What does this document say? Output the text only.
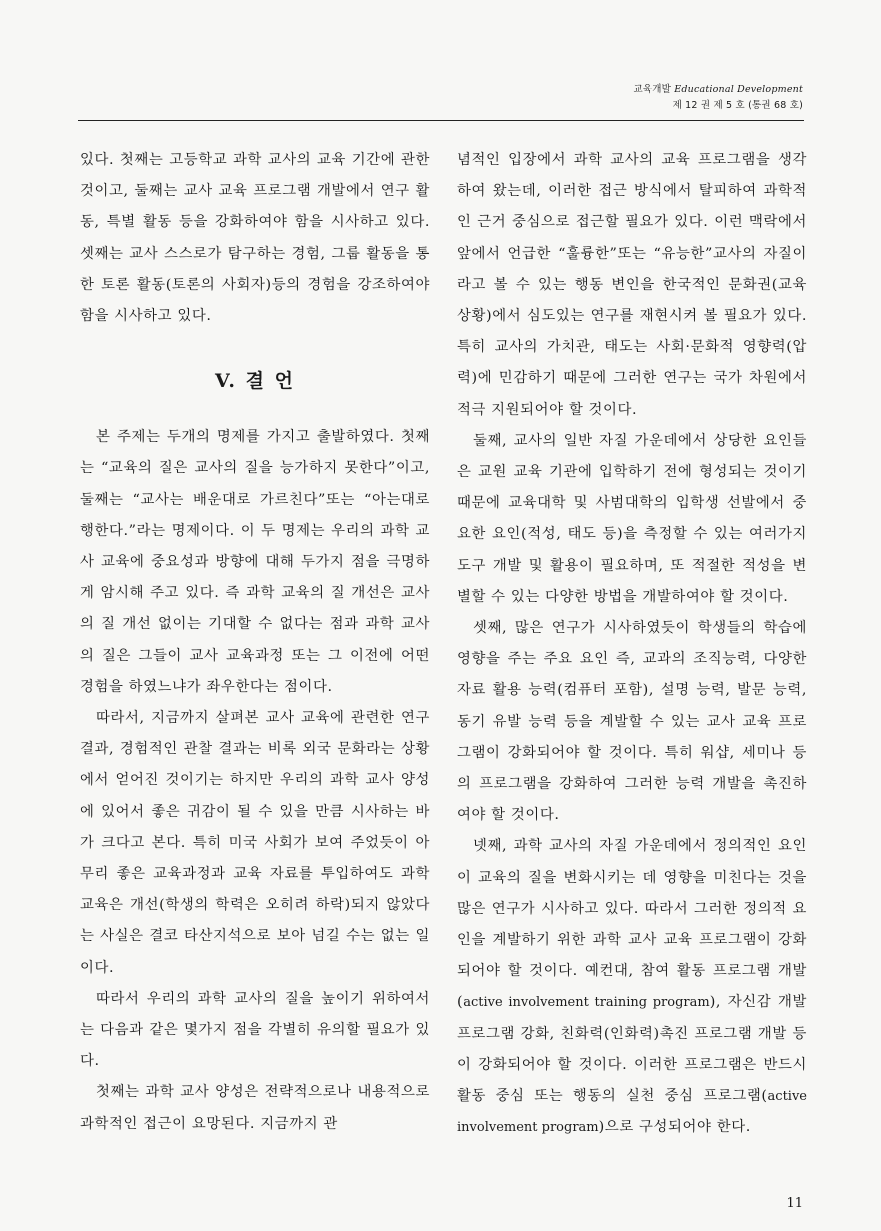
교육개발 Educational Development
제 12 권 제 5 호 (통권 68 호)

있다. 첫째는 고등학교 과학 교사의 교육 기간에 관한 것이고, 둘째는 교사 교육 프로그램 개발에서 연구 활동, 특별 활동 등을 강화하여야 함을 시사하고 있다. 셋째는 교사 스스로가 탐구하는 경험, 그룹 활동을 통한 토론 활동(토론의 사회자)등의 경험을 강조하여야 함을 시사하고 있다.

V. 결 언

본 주제는 두개의 명제를 가지고 출발하였다. 첫째는 “교육의 질은 교사의 질을 능가하지 못한다”이고, 둘째는 “교사는 배운대로 가르친다”또는 “아는대로 행한다.”라는 명제이다. 이 두 명제는 우리의 과학 교사 교육에 중요성과 방향에 대해 두가지 점을 극명하게 암시해 주고 있다. 즉 과학 교육의 질 개선은 교사의 질 개선 없이는 기대할 수 없다는 점과 과학 교사의 질은 그들이 교사 교육과정 또는 그 이전에 어떤 경험을 하였느냐가 좌우한다는 점이다.

따라서, 지금까지 살펴본 교사 교육에 관련한 연구 결과, 경험적인 관찰 결과는 비록 외국 문화라는 상황에서 얻어진 것이기는 하지만 우리의 과학 교사 양성에 있어서 좋은 귀감이 될 수 있을 만큼 시사하는 바가 크다고 본다. 특히 미국 사회가 보여 주었듯이 아무리 좋은 교육과정과 교육 자료를 투입하여도 과학 교육은 개선(학생의 학력은 오히려 하락)되지 않았다는 사실은 결코 타산지석으로 보아 넘길 수는 없는 일이다.

따라서 우리의 과학 교사의 질을 높이기 위하여서는 다음과 같은 몇가지 점을 각별히 유의할 필요가 있다.

첫째는 과학 교사 양성은 전략적으로나 내용적으로 과학적인 접근이 요망된다. 지금까지 관

념적인 입장에서 과학 교사의 교육 프로그램을 생각하여 왔는데, 이러한 접근 방식에서 탈피하여 과학적인 근거 중심으로 접근할 필요가 있다. 이런 맥락에서 앞에서 언급한 “훌륭한”또는 “유능한”교사의 자질이라고 볼 수 있는 행동 변인을 한국적인 문화권(교육 상황)에서 심도있는 연구를 재현시켜 볼 필요가 있다. 특히 교사의 가치관, 태도는 사회·문화적 영향력(압력)에 민감하기 때문에 그러한 연구는 국가 차원에서 적극 지원되어야 할 것이다.

둘째, 교사의 일반 자질 가운데에서 상당한 요인들은 교원 교육 기관에 입학하기 전에 형성되는 것이기 때문에 교육대학 및 사범대학의 입학생 선발에서 중요한 요인(적성, 태도 등)을 측정할 수 있는 여러가지 도구 개발 및 활용이 필요하며, 또 적절한 적성을 변별할 수 있는 다양한 방법을 개발하여야 할 것이다.

셋째, 많은 연구가 시사하였듯이 학생들의 학습에 영향을 주는 주요 요인 즉, 교과의 조직능력, 다양한 자료 활용 능력(컴퓨터 포함), 설명 능력, 발문 능력, 동기 유발 능력 등을 계발할 수 있는 교사 교육 프로그램이 강화되어야 할 것이다. 특히 워샵, 세미나 등의 프로그램을 강화하여 그러한 능력 개발을 촉진하여야 할 것이다.

넷째, 과학 교사의 자질 가운데에서 정의적인 요인이 교육의 질을 변화시키는 데 영향을 미친다는 것을 많은 연구가 시사하고 있다. 따라서 그러한 정의적 요인을 계발하기 위한 과학 교사 교육 프로그램이 강화되어야 할 것이다. 예컨대, 참여 활동 프로그램 개발(active involvement training program), 자신감 개발 프로그램 강화, 친화력(인화력)촉진 프로그램 개발 등이 강화되어야 할 것이다. 이러한 프로그램은 반드시 활동 중심 또는 행동의 실천 중심 프로그램(active involvement program)으로 구성되어야 한다.

11
